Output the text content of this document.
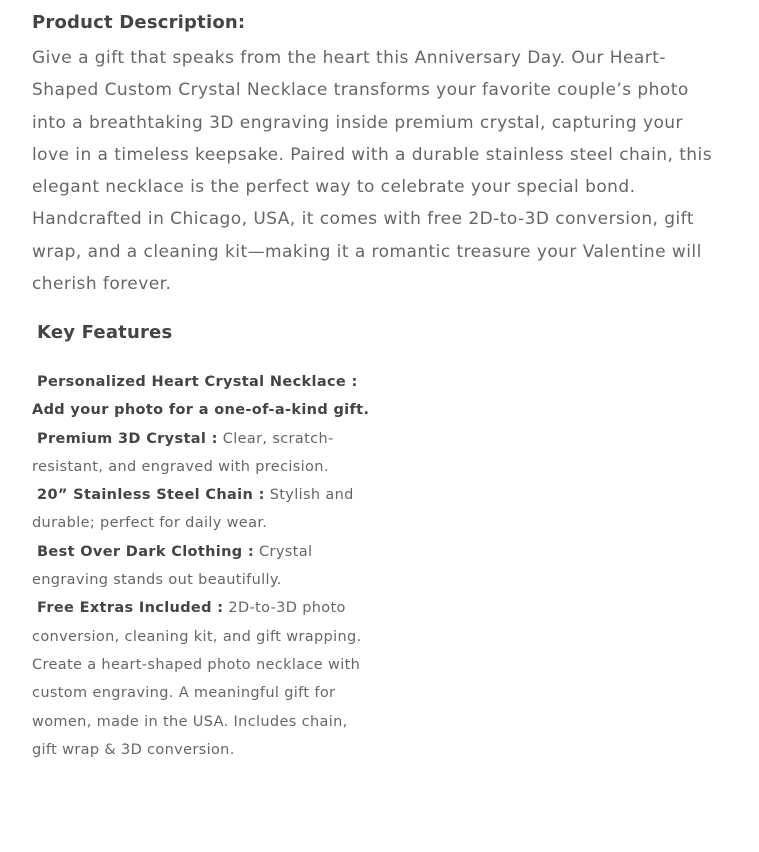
Product Description:

Give a gift that speaks from the heart this Anniversary Day. Our Heart-Shaped Custom Crystal Necklace transforms your favorite couple’s photo into a breathtaking 3D engraving inside premium crystal, capturing your love in a timeless keepsake. Paired with a durable stainless steel chain, this elegant necklace is the perfect way to celebrate your special bond. Handcrafted in Chicago, USA, it comes with free 2D-to-3D conversion, gift wrap, and a cleaning kit—making it a romantic treasure your Valentine will cherish forever.

Key Features

Personalized Heart Crystal Necklace : Add your photo for a one-of-a-kind gift.

Premium 3D Crystal : Clear, scratch-resistant, and engraved with precision.

20” Stainless Steel Chain : Stylish and durable; perfect for daily wear.

Best Over Dark Clothing : Crystal engraving stands out beautifully.

Free Extras Included : 2D-to-3D photo conversion, cleaning kit, and gift wrapping.

Create a heart-shaped photo necklace with custom engraving. A meaningful gift for women, made in the USA. Includes chain, gift wrap & 3D conversion.
